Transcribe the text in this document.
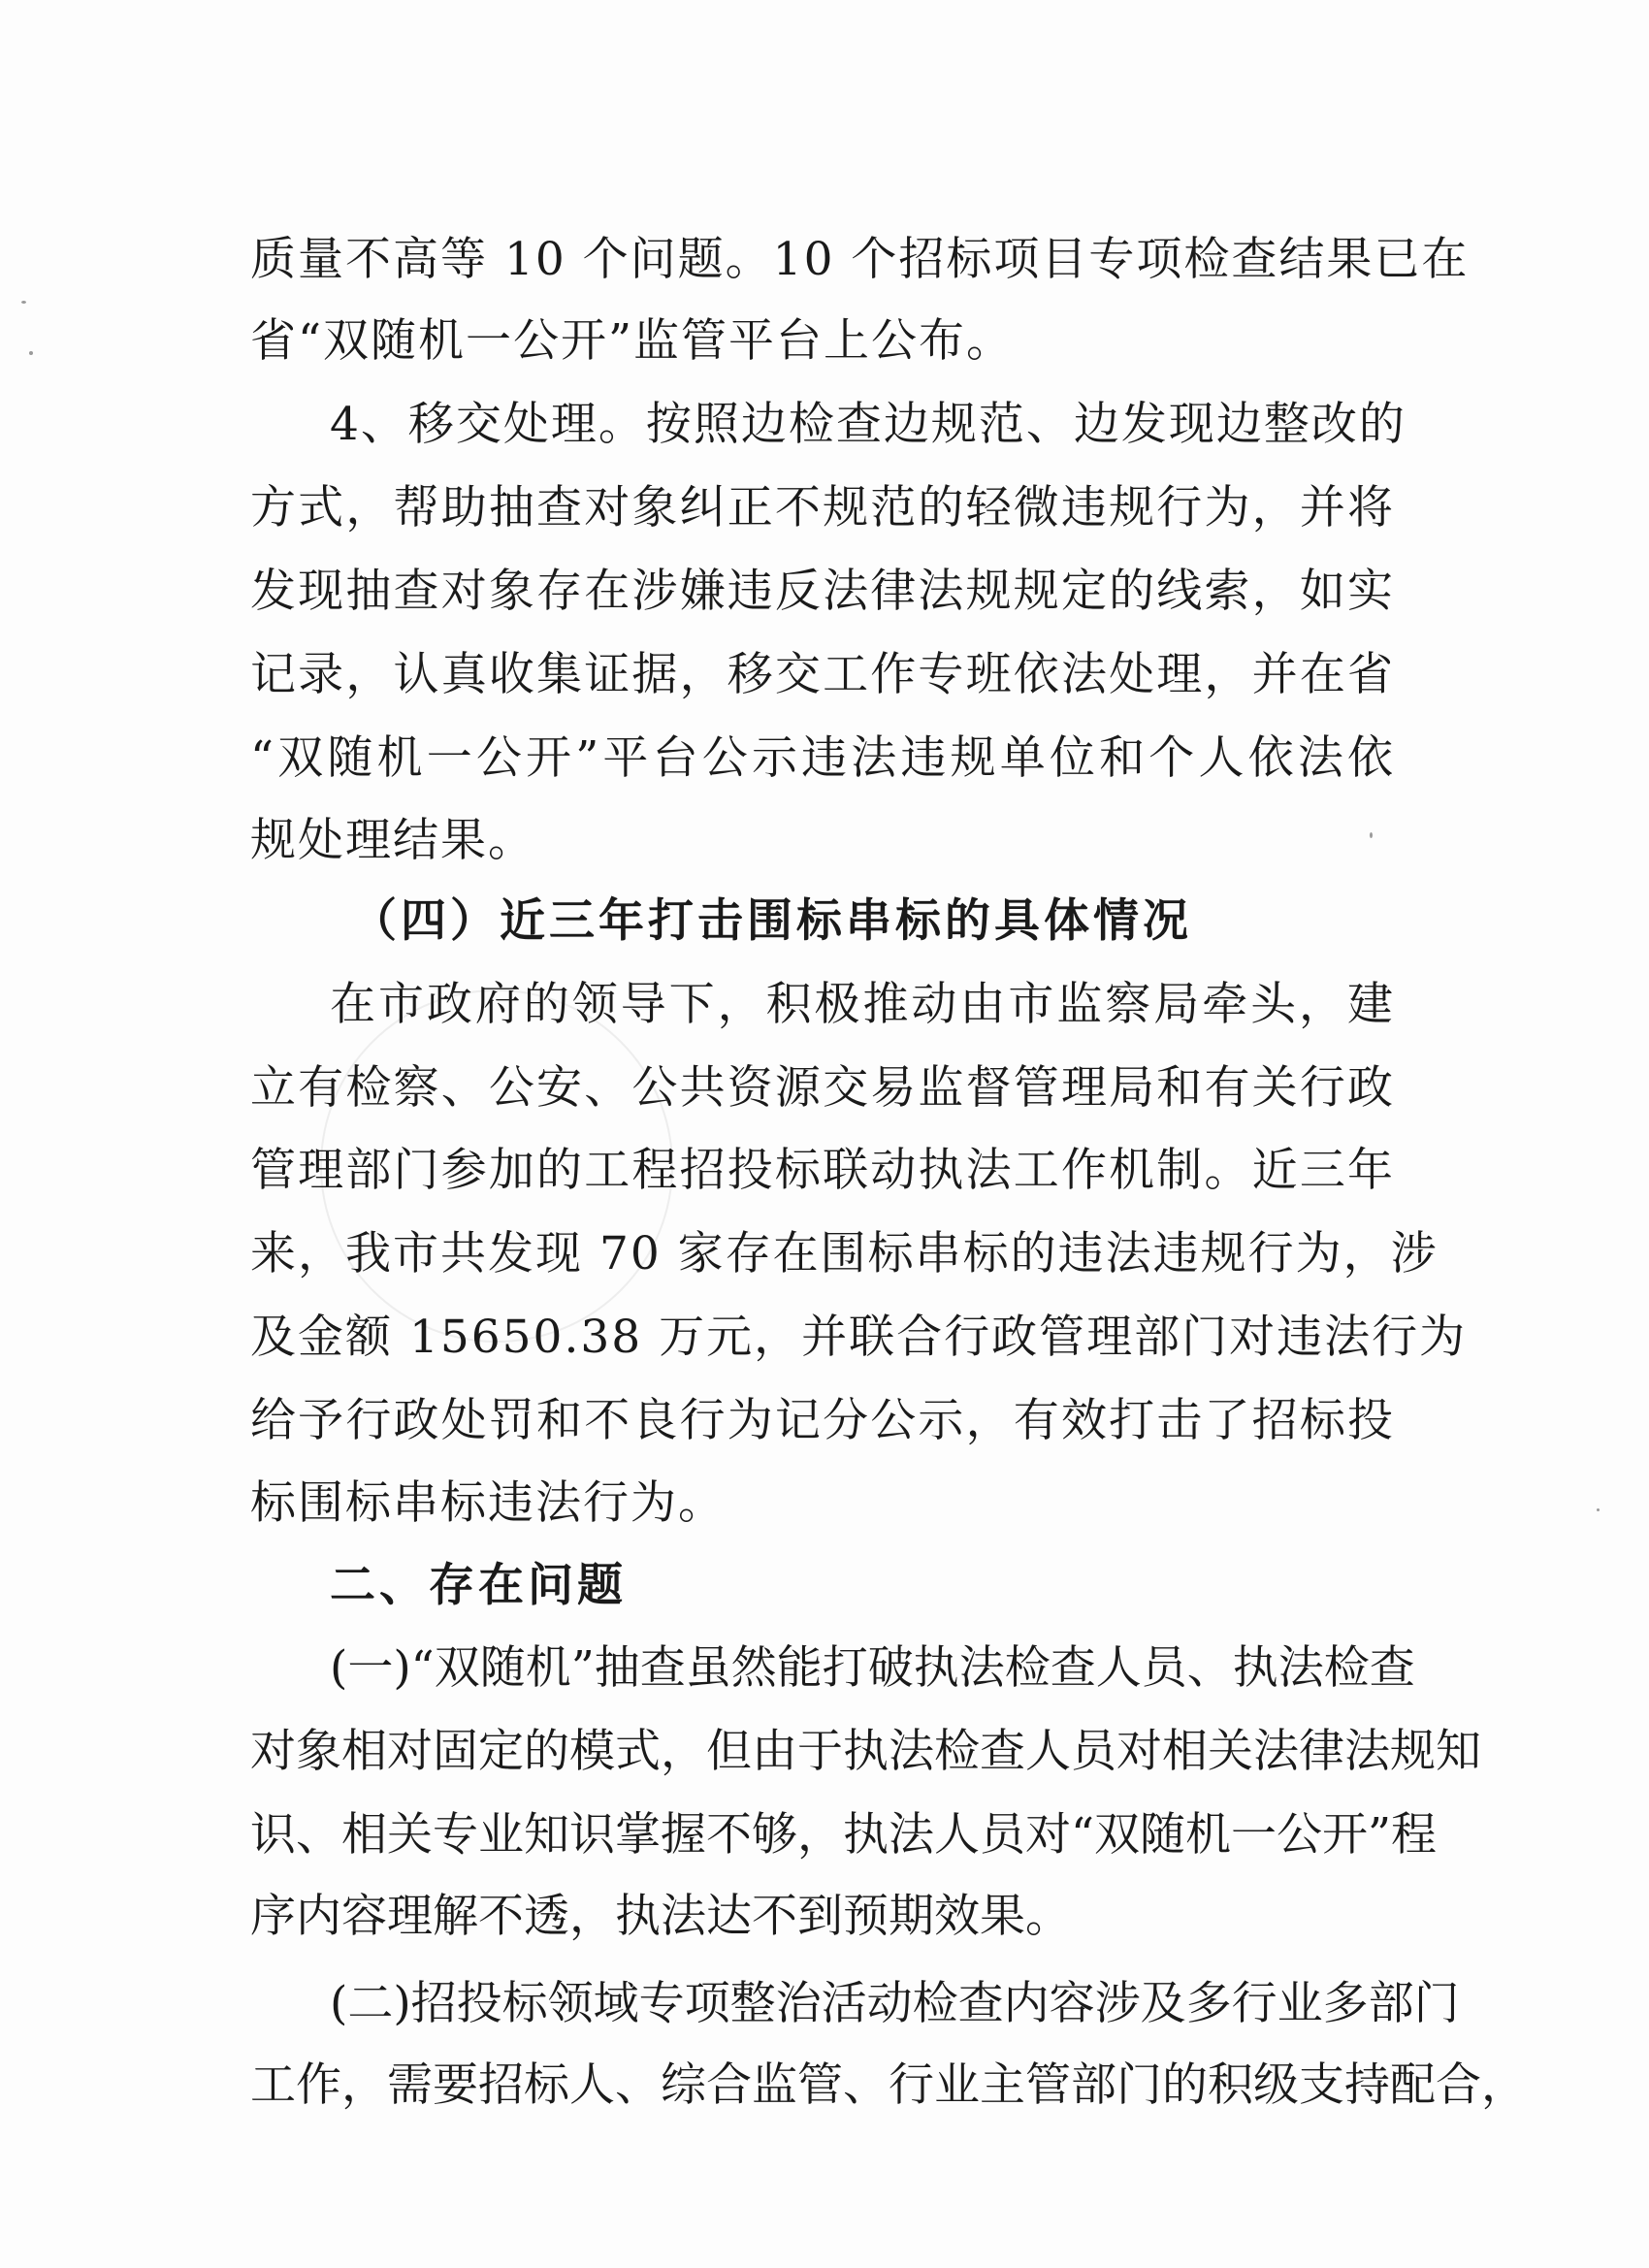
质量不高等 10 个问题。10 个招标项目专项检查结果已在
省“双随机一公开”监管平台上公布。
4、移交处理。按照边检查边规范、边发现边整改的
方式，帮助抽查对象纠正不规范的轻微违规行为，并将
发现抽查对象存在涉嫌违反法律法规规定的线索，如实
记录，认真收集证据，移交工作专班依法处理，并在省
“双随机一公开”平台公示违法违规单位和个人依法依
规处理结果。
（四）近三年打击围标串标的具体情况
在市政府的领导下，积极推动由市监察局牵头，建
立有检察、公安、公共资源交易监督管理局和有关行政
管理部门参加的工程招投标联动执法工作机制。近三年
来，我市共发现 70 家存在围标串标的违法违规行为，涉
及金额 15650.38 万元，并联合行政管理部门对违法行为
给予行政处罚和不良行为记分公示，有效打击了招标投
标围标串标违法行为。
二、存在问题
(一)“双随机”抽查虽然能打破执法检查人员、执法检查
对象相对固定的模式，但由于执法检查人员对相关法律法规知
识、相关专业知识掌握不够，执法人员对“双随机一公开”程
序内容理解不透，执法达不到预期效果。
(二)招投标领域专项整治活动检查内容涉及多行业多部门
工作，需要招标人、综合监管、行业主管部门的积级支持配合，
